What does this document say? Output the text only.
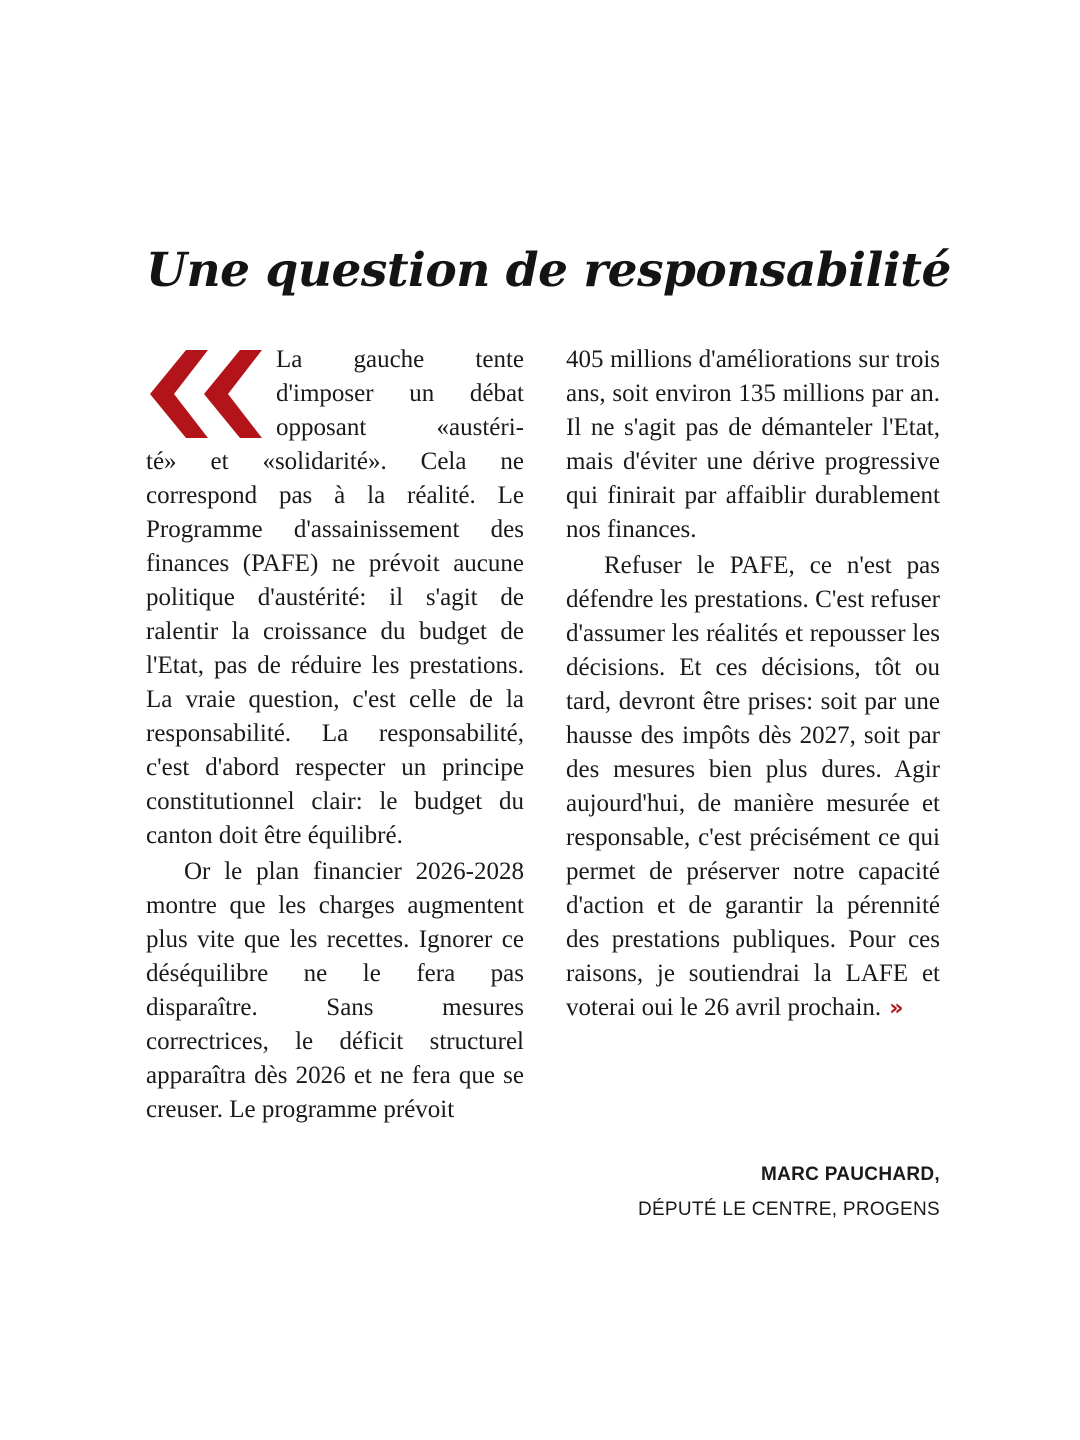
Une question de responsabilité

La gauche tente

d'imposer un débat

opposant «austéri-

té» et «solidarité». Cela ne correspond pas à la réalité. Le Programme d'assainissement des finances (PAFE) ne prévoit aucune politique d'austérité: il s'agit de ralentir la croissance du budget de l'Etat, pas de réduire les prestations. La vraie question, c'est celle de la responsabilité. La responsabilité, c'est d'abord respecter un principe constitutionnel clair: le budget du canton doit être équilibré.

Or le plan financier 2026-2028 montre que les charges augmentent plus vite que les recettes. Ignorer ce déséquilibre ne le fera pas disparaître. Sans mesures correctrices, le déficit structurel apparaîtra dès 2026 et ne fera que se creuser. Le programme prévoit

405 millions d'améliorations sur trois ans, soit environ 135 millions par an. Il ne s'agit pas de démanteler l'Etat, mais d'éviter une dérive progressive qui finirait par affaiblir durablement nos finances.

Refuser le PAFE, ce n'est pas défendre les prestations. C'est refuser d'assumer les réalités et repousser les décisions. Et ces décisions, tôt ou tard, devront être prises: soit par une hausse des impôts dès 2027, soit par des mesures bien plus dures. Agir aujourd'hui, de manière mesurée et responsable, c'est précisément ce qui permet de préserver notre capacité d'action et de garantir la pérennité des prestations publiques. Pour ces raisons, je soutiendrai la LAFE et voterai oui le 26 avril prochain. »

MARC PAUCHARD,
DÉPUTÉ LE CENTRE, PROGENS
